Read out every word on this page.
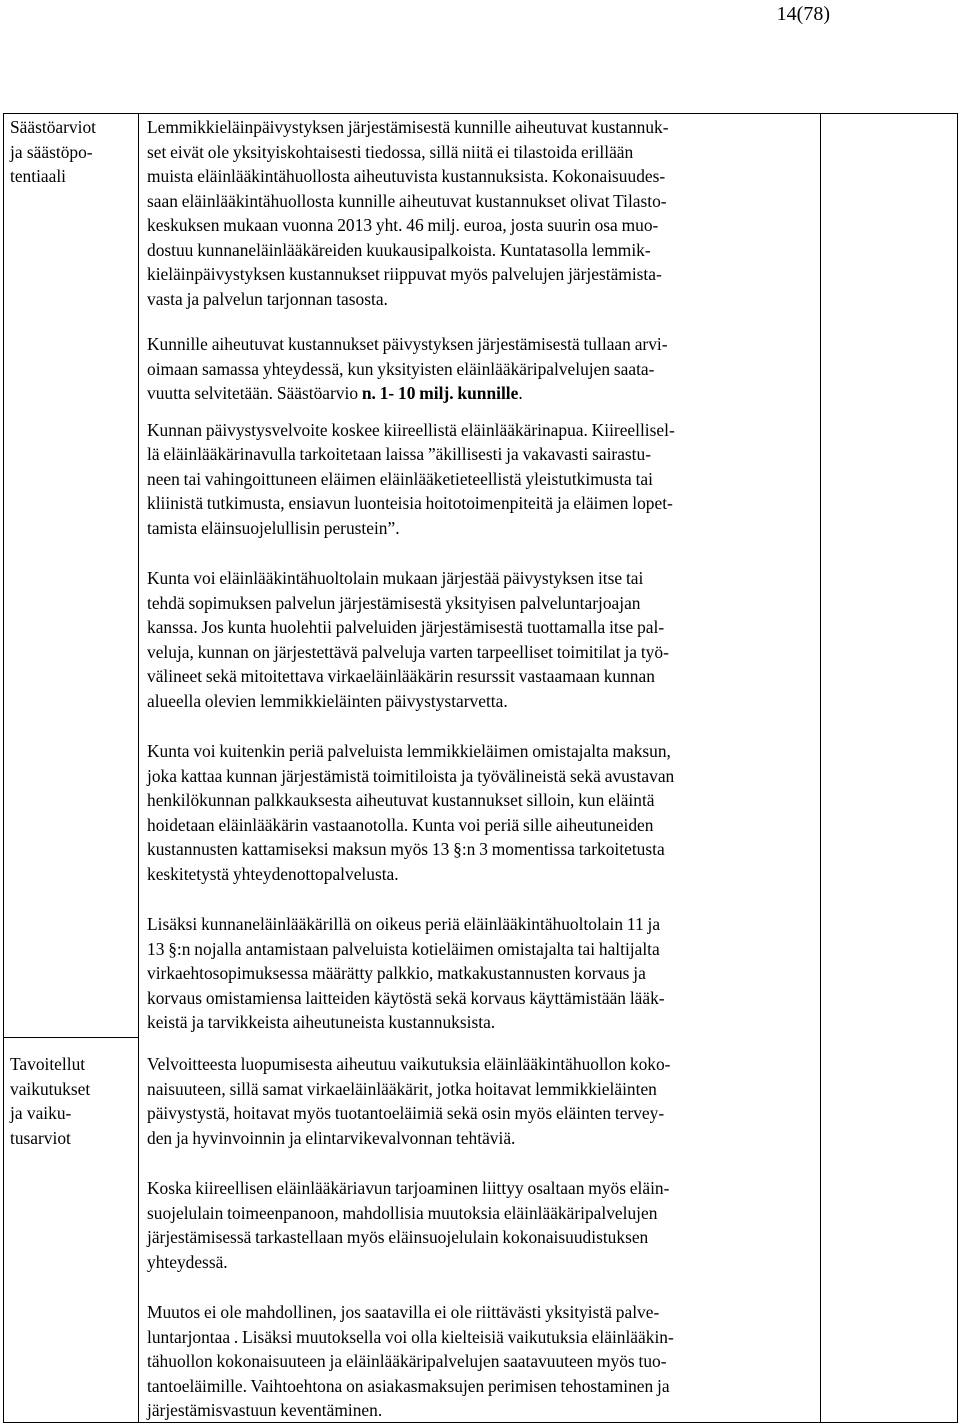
14(78)

Säästöarviot
ja säästöpo-
tentiaali

Tavoitellut
vaikutukset
ja vaiku-
tusarviot

Lemmikkieläinpäivystyksen järjestämisestä kunnille aiheutuvat kustannuk-
set eivät ole yksityiskohtaisesti tiedossa, sillä niitä ei tilastoida erillään
muista eläinlääkintähuollosta aiheutuvista kustannuksista. Kokonaisuudes-
saan eläinlääkintähuollosta kunnille aiheutuvat kustannukset olivat Tilasto-
keskuksen mukaan vuonna 2013 yht. 46 milj. euroa, josta suurin osa muo-
dostuu kunnaneläinlääkäreiden kuukausipalkoista. Kuntatasolla lemmik-
kieläinpäivystyksen kustannukset riippuvat myös palvelujen järjestämista-
vasta ja palvelun tarjonnan tasosta.

Kunnille aiheutuvat kustannukset päivystyksen järjestämisestä tullaan arvi-
oimaan samassa yhteydessä, kun yksityisten eläinlääkäripalvelujen saata-
vuutta selvitetään. Säästöarvio n. 1- 10 milj. kunnille.

Kunnan päivystysvelvoite koskee kiireellistä eläinlääkärinapua. Kiireellisel-
lä eläinlääkärinavulla tarkoitetaan laissa ”äkillisesti ja vakavasti sairastu-
neen tai vahingoittuneen eläimen eläinlääketieteellistä yleistutkimusta tai
kliinistä tutkimusta, ensiavun luonteisia hoitotoimenpiteitä ja eläimen lopet-
tamista eläinsuojelullisin perustein”.

Kunta voi eläinlääkintähuoltolain mukaan järjestää päivystyksen itse tai
tehdä sopimuksen palvelun järjestämisestä yksityisen palveluntarjoajan
kanssa. Jos kunta huolehtii palveluiden järjestämisestä tuottamalla itse pal-
veluja, kunnan on järjestettävä palveluja varten tarpeelliset toimitilat ja työ-
välineet sekä mitoitettava virkaeläinlääkärin resurssit vastaamaan kunnan
alueella olevien lemmikkieläinten päivystystarvetta.

Kunta voi kuitenkin periä palveluista lemmikkieläimen omistajalta maksun,
joka kattaa kunnan järjestämistä toimitiloista ja työvälineistä sekä avustavan
henkilökunnan palkkauksesta aiheutuvat kustannukset silloin, kun eläintä
hoidetaan eläinlääkärin vastaanotolla. Kunta voi periä sille aiheutuneiden
kustannusten kattamiseksi maksun myös 13 §:n 3 momentissa tarkoitetusta
keskitetystä yhteydenottopalvelusta.

Lisäksi kunnaneläinlääkärillä on oikeus periä eläinlääkintähuoltolain 11 ja
13 §:n nojalla antamistaan palveluista kotieläimen omistajalta tai haltijalta
virkaehtosopimuksessa määrätty palkkio, matkakustannusten korvaus ja
korvaus omistamiensa laitteiden käytöstä sekä korvaus käyttämistään lääk-
keistä ja tarvikkeista aiheutuneista kustannuksista.

Velvoitteesta luopumisesta aiheutuu vaikutuksia eläinlääkintähuollon koko-
naisuuteen, sillä samat virkaeläinlääkärit, jotka hoitavat lemmikkieläinten
päivystystä, hoitavat myös tuotantoeläimiä sekä osin myös eläinten tervey-
den ja hyvinvoinnin ja elintarvikevalvonnan tehtäviä.

Koska kiireellisen eläinlääkäriavun tarjoaminen liittyy osaltaan myös eläin-
suojelulain toimeenpanoon, mahdollisia muutoksia eläinlääkäripalvelujen
järjestämisessä tarkastellaan myös eläinsuojelulain kokonaisuudistuksen
yhteydessä.

Muutos ei ole mahdollinen, jos saatavilla ei ole riittävästi yksityistä palve-
luntarjontaa . Lisäksi muutoksella voi olla kielteisiä vaikutuksia eläinlääkin-
tähuollon kokonaisuuteen ja eläinlääkäripalvelujen saatavuuteen myös tuo-
tantoeläimille. Vaihtoehtona on asiakasmaksujen perimisen tehostaminen ja
järjestämisvastuun keventäminen.
